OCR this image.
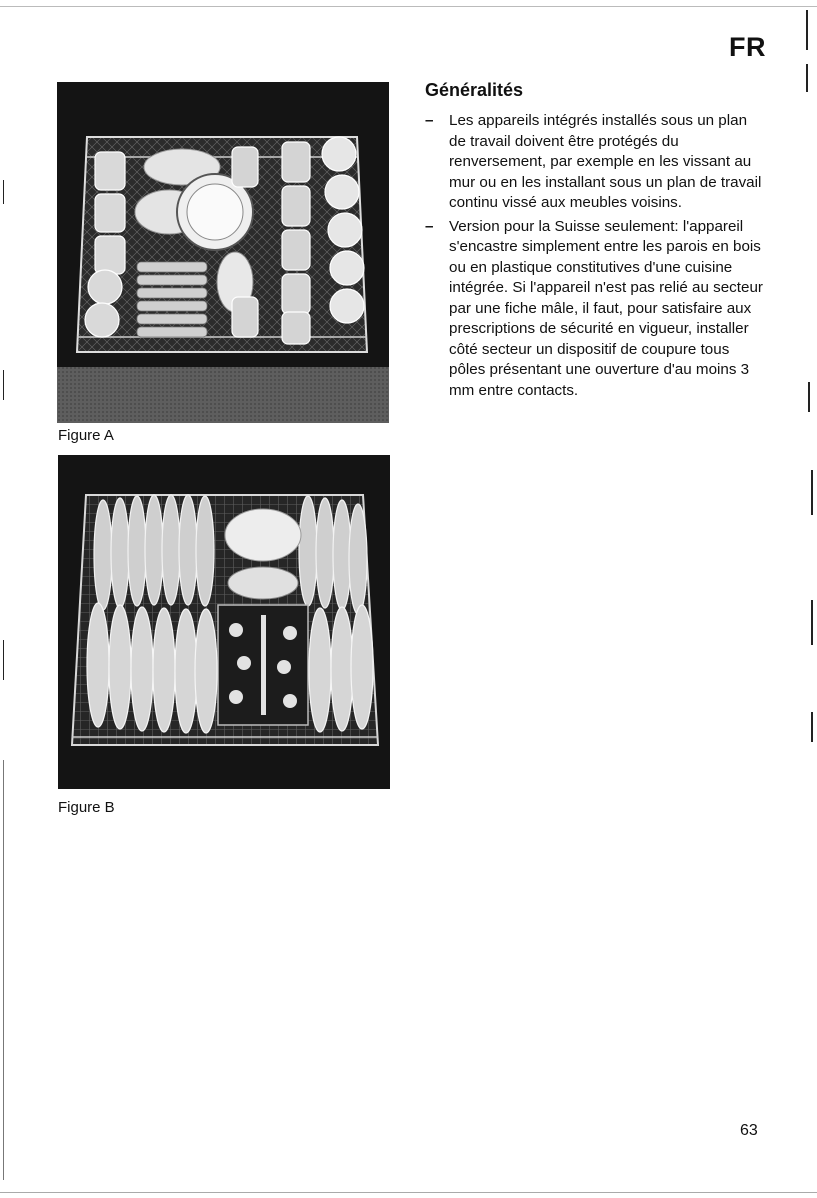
FR
Figure A
Figure B
Généralités
– Les appareils intégrés installés sous un plan de travail doivent être protégés du renversement, par exemple en les vissant au mur ou en les installant sous un plan de travail continu vissé aux meubles voisins.
– Version pour la Suisse seulement: l'appareil s'encastre simplement entre les parois en bois ou en plastique constitutives d'une cuisine intégrée. Si l'appareil n'est pas relié au secteur par une fiche mâle, il faut, pour satisfaire aux prescriptions de sécurité en vigueur, installer côté secteur un dispositif de coupure tous pôles présentant une ouverture d'au moins 3 mm entre contacts.
63
